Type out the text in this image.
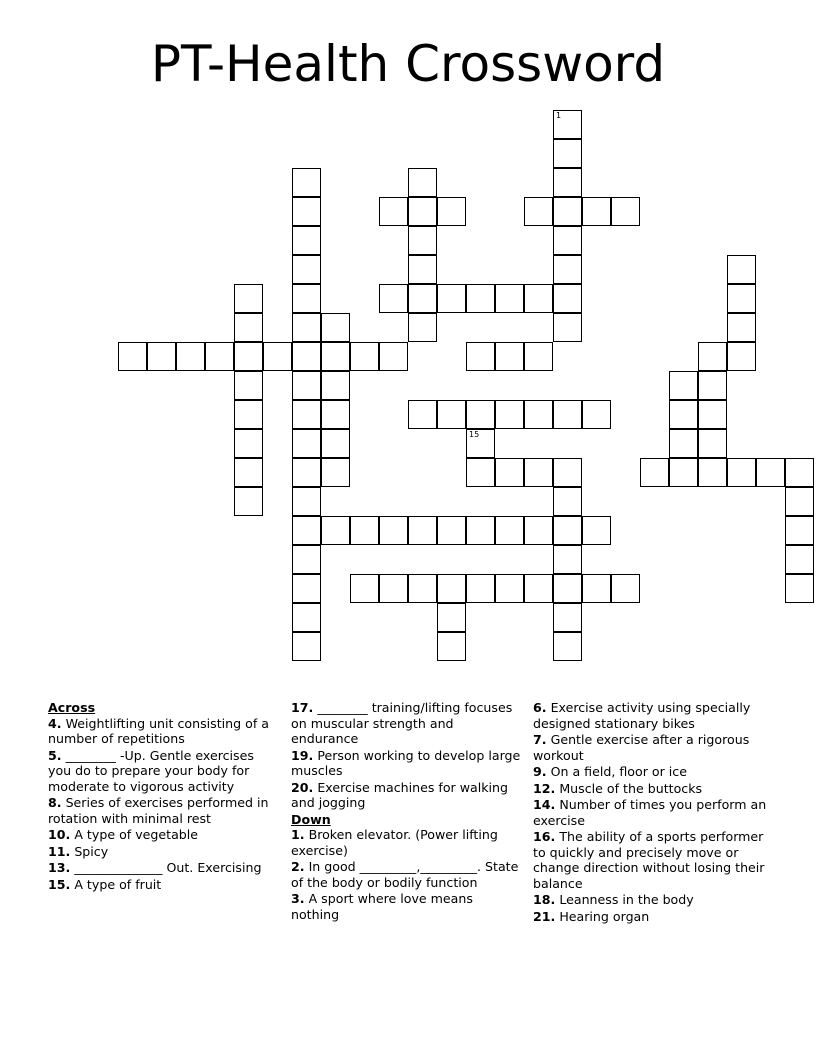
PT-Health Crossword
1
15
Across
4. Weightlifting unit consisting of a number of repetitions
5. ________ -Up. Gentle exercises you do to prepare your body for moderate to vigorous activity
8. Series of exercises performed in rotation with minimal rest
10. A type of vegetable
11. Spicy
13. ______________ Out. Exercising
15. A type of fruit
17. ________ training/lifting focuses on muscular strength and endurance
19. Person working to develop large muscles
20. Exercise machines for walking and jogging
Down
1. Broken elevator. (Power lifting exercise)
2. In good _________,_________. State of the body or bodily function
3. A sport where love means nothing
6. Exercise activity using specially designed stationary bikes
7. Gentle exercise after a rigorous workout
9. On a field, floor or ice
12. Muscle of the buttocks
14. Number of times you perform an exercise
16. The ability of a sports performer to quickly and precisely move or change direction without losing their balance
18. Leanness in the body
21. Hearing organ
